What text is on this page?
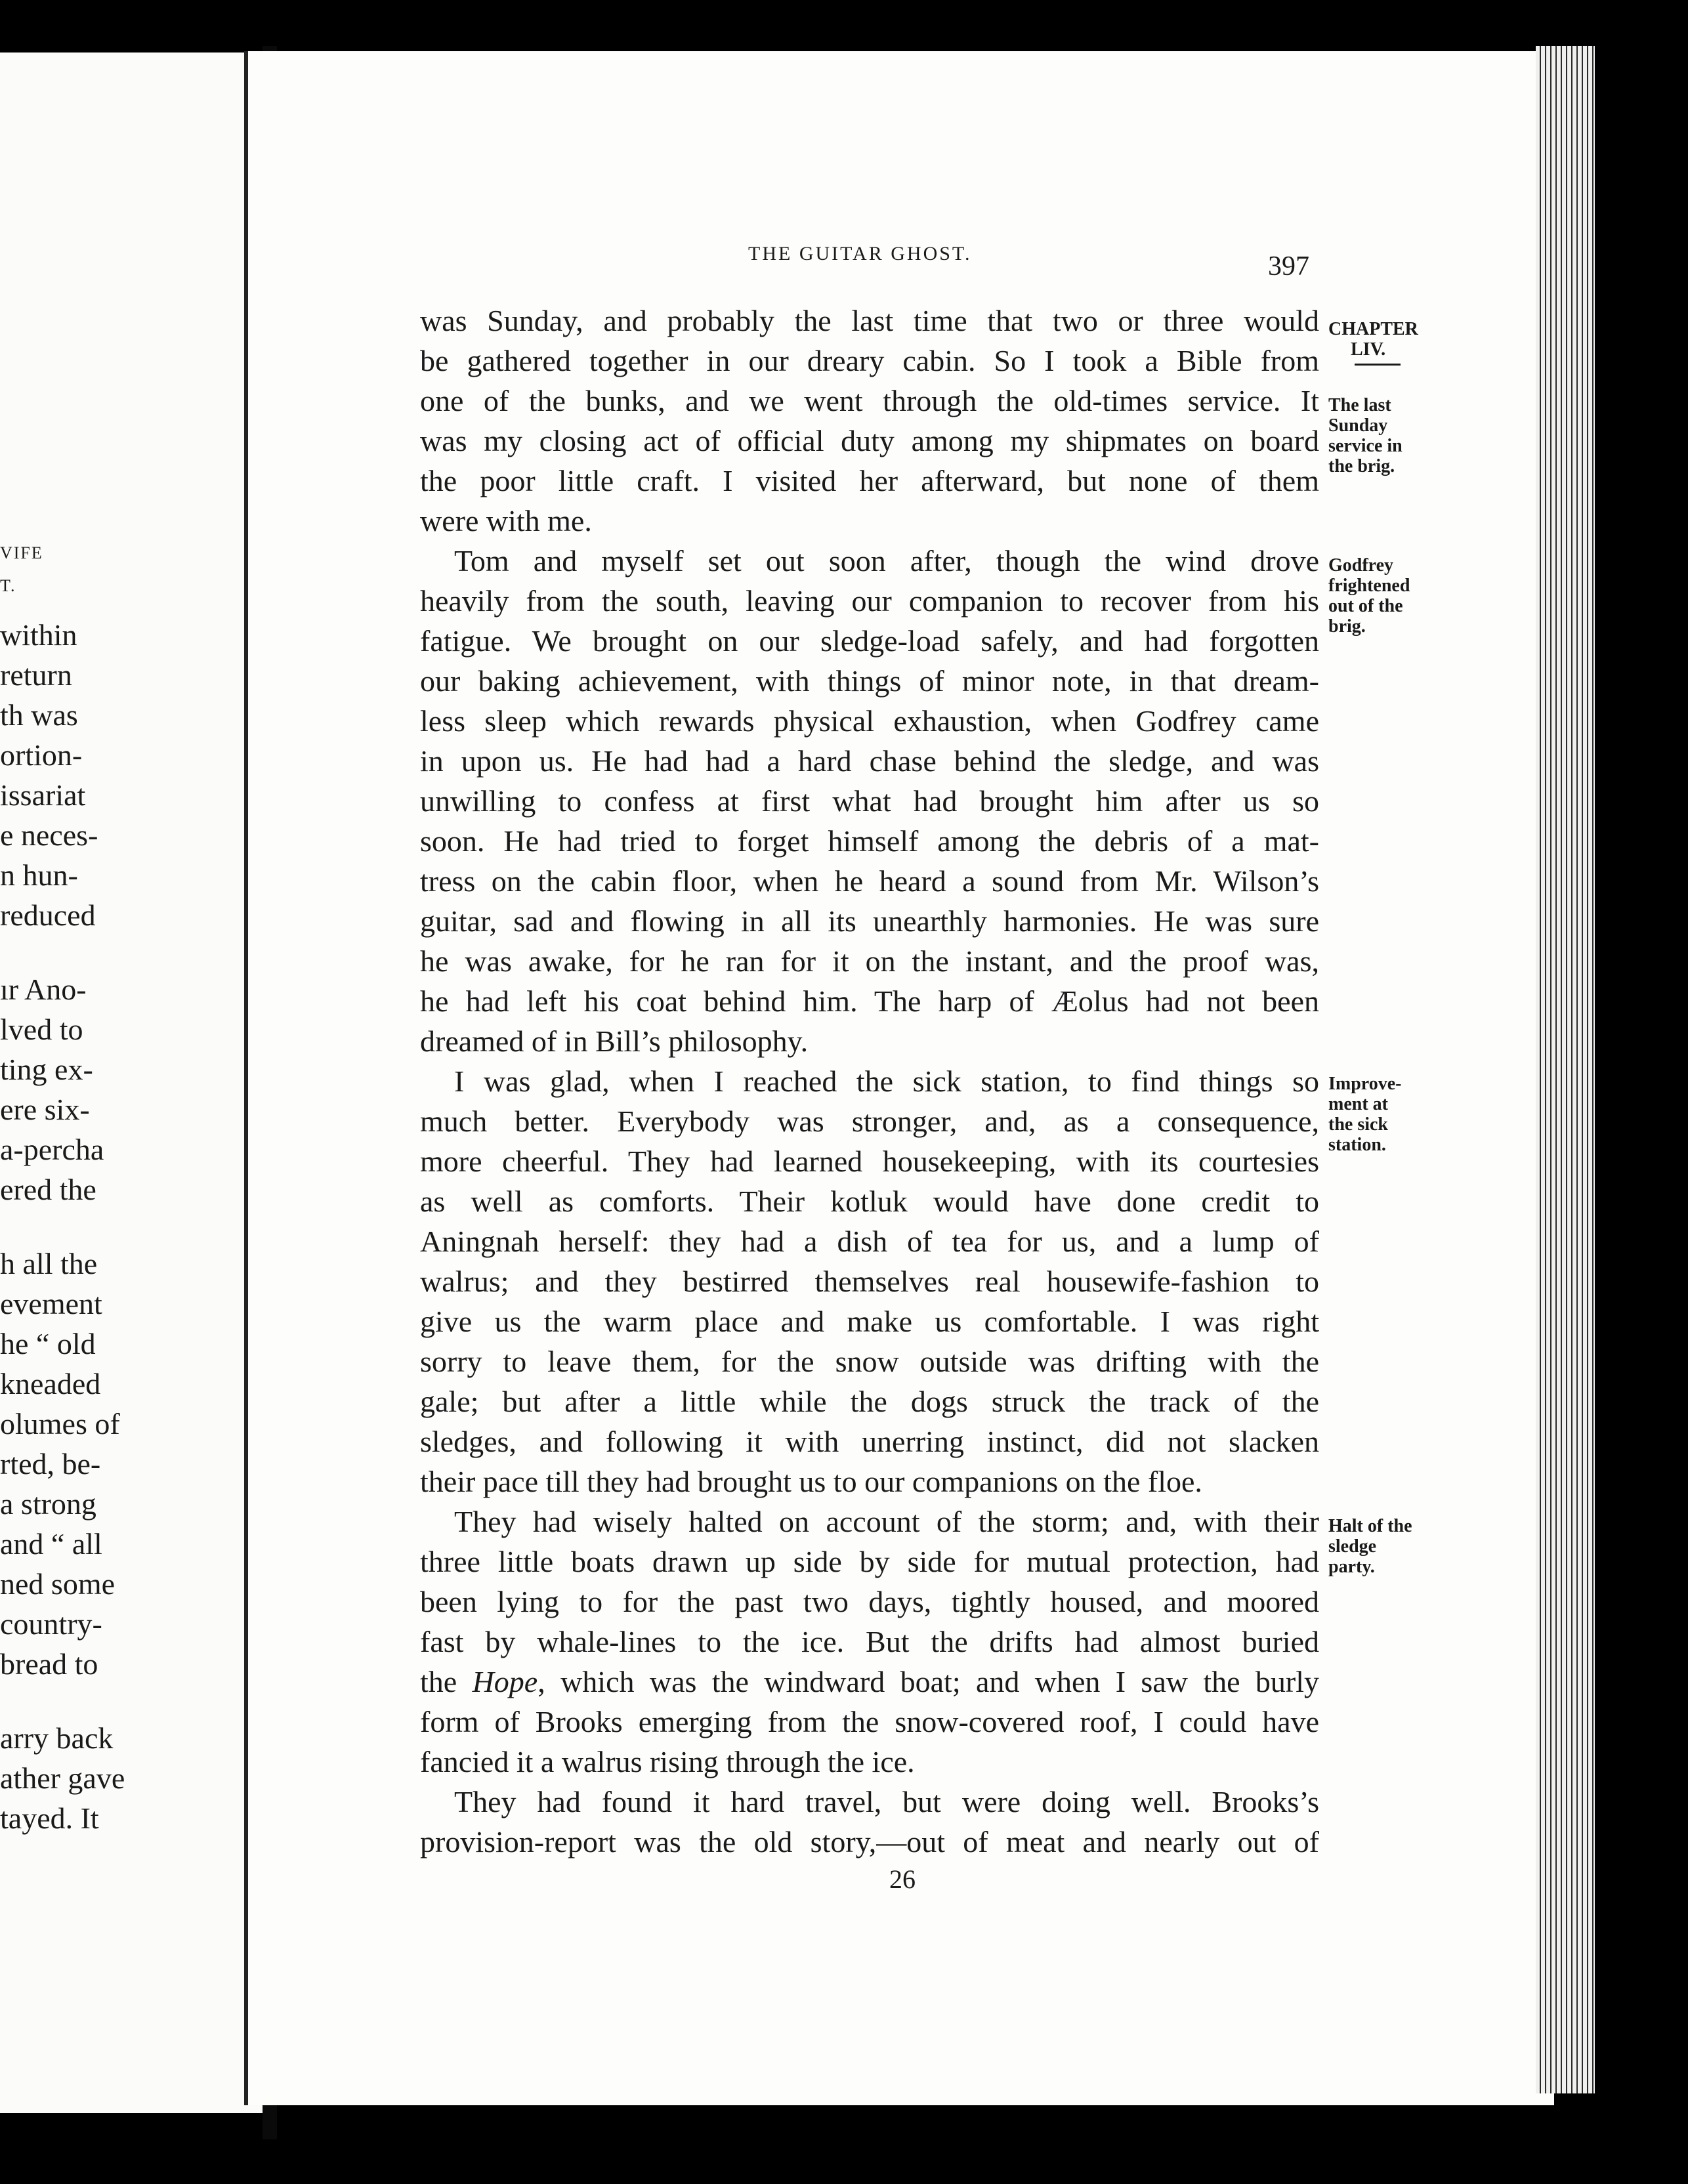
VIFE
T.
within
return
th was
ortion-
issariat
e neces-
n hun-
reduced
ır Ano-
lved to
ting ex-
ere six-
a-percha
ered the
h all the
evement
he “ old
kneaded
olumes of
rted, be-
a strong
and “ all
ned some
country-
bread to
arry back
ather gave
tayed. It
THE GUITAR GHOST.	397
was Sunday, and probably the last time that two or three would
be gathered together in our dreary cabin. So I took a Bible from
one of the bunks, and we went through the old-times service. It
was my closing act of official duty among my shipmates on board
the poor little craft. I visited her afterward, but none of them
were with me.
Tom and myself set out soon after, though the wind drove
heavily from the south, leaving our companion to recover from his
fatigue. We brought on our sledge-load safely, and had forgotten
our baking achievement, with things of minor note, in that dream-
less sleep which rewards physical exhaustion, when Godfrey came
in upon us. He had had a hard chase behind the sledge, and was
unwilling to confess at first what had brought him after us so
soon. He had tried to forget himself among the debris of a mat-
tress on the cabin floor, when he heard a sound from Mr. Wilson’s
guitar, sad and flowing in all its unearthly harmonies. He was sure
he was awake, for he ran for it on the instant, and the proof was,
he had left his coat behind him. The harp of Æolus had not been
dreamed of in Bill’s philosophy.
I was glad, when I reached the sick station, to find things so
much better. Everybody was stronger, and, as a consequence,
more cheerful. They had learned housekeeping, with its courtesies
as well as comforts. Their kotluk would have done credit to
Aningnah herself: they had a dish of tea for us, and a lump of
walrus; and they bestirred themselves real housewife-fashion to
give us the warm place and make us comfortable. I was right
sorry to leave them, for the snow outside was drifting with the
gale; but after a little while the dogs struck the track of the
sledges, and following it with unerring instinct, did not slacken
their pace till they had brought us to our companions on the floe.
They had wisely halted on account of the storm; and, with their
three little boats drawn up side by side for mutual protection, had
been lying to for the past two days, tightly housed, and moored
fast by whale-lines to the ice. But the drifts had almost buried
the Hope, which was the windward boat; and when I saw the burly
form of Brooks emerging from the snow-covered roof, I could have
fancied it a walrus rising through the ice.
They had found it hard travel, but were doing well. Brooks’s
provision-report was the old story,—out of meat and nearly out of
CHAPTER
LIV.
The last
Sunday
service in
the brig.
Godfrey
frightened
out of the
brig.
Improve-
ment at
the sick
station.
Halt of the
sledge
party.
26
